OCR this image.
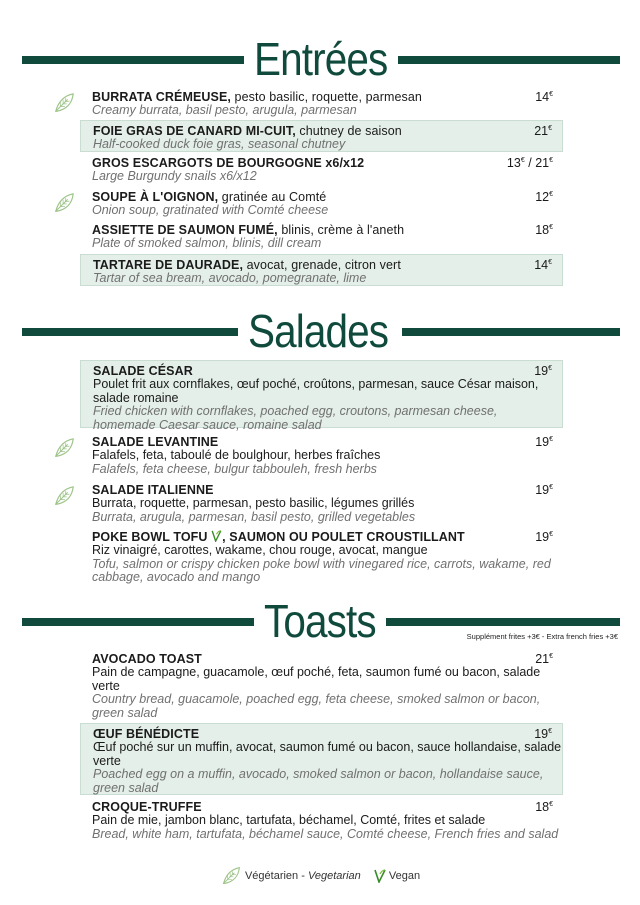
Entrées

BURRATA CRÉMEUSE, pesto basilic, roquette, parmesan

Creamy burrata, basil pesto, arugula, parmesan

14€

FOIE GRAS DE CANARD MI-CUIT, chutney de saison

Half-cooked duck foie gras, seasonal chutney

21€

GROS ESCARGOTS DE BOURGOGNE x6/x12

Large Burgundy snails x6/x12

13€ / 21€

SOUPE À L'OIGNON, gratinée au Comté

Onion soup, gratinated with Comté cheese

12€

ASSIETTE DE SAUMON FUMÉ, blinis, crème à l'aneth

Plate of smoked salmon, blinis, dill cream

18€

TARTARE DE DAURADE, avocat, grenade, citron vert

Tartar of sea bream, avocado, pomegranate, lime

14€
Salades

SALADE CÉSAR

Poulet frit aux cornflakes, œuf poché, croûtons, parmesan, sauce César maison, salade romaine

Fried chicken with cornflakes, poached egg, croutons, parmesan cheese, homemade Caesar sauce, romaine salad

19€

SALADE LEVANTINE

Falafels, feta, taboulé de boulghour, herbes fraîches

Falafels, feta cheese, bulgur tabbouleh, fresh herbs

19€

SALADE ITALIENNE

Burrata, roquette, parmesan, pesto basilic, légumes grillés

Burrata, arugula, parmesan, basil pesto, grilled vegetables

19€

POKE BOWL TOFU , SAUMON OU POULET CROUSTILLANT

Riz vinaigré, carottes, wakame, chou rouge, avocat, mangue

Tofu, salmon or crispy chicken poke bowl with vinegared rice, carrots, wakame, red cabbage, avocado and mango

19€
Toasts	Supplément frites +3€ - Extra french fries +3€

AVOCADO TOAST

Pain de campagne, guacamole, œuf poché, feta, saumon fumé ou bacon, salade verte

Country bread, guacamole, poached egg, feta cheese, smoked salmon or bacon, green salad

21€

ŒUF BÉNÉDICTE

Œuf poché sur un muffin, avocat, saumon fumé ou bacon, sauce hollandaise, salade verte

Poached egg on a muffin, avocado, smoked salmon or bacon, hollandaise sauce, green salad

19€

CROQUE-TRUFFE

Pain de mie, jambon blanc, tartufata, béchamel, Comté, frites et salade

Bread, white ham, tartufata, béchamel sauce, Comté cheese, French fries and salad

18€
Végétarien - Vegetarian	Vegan
